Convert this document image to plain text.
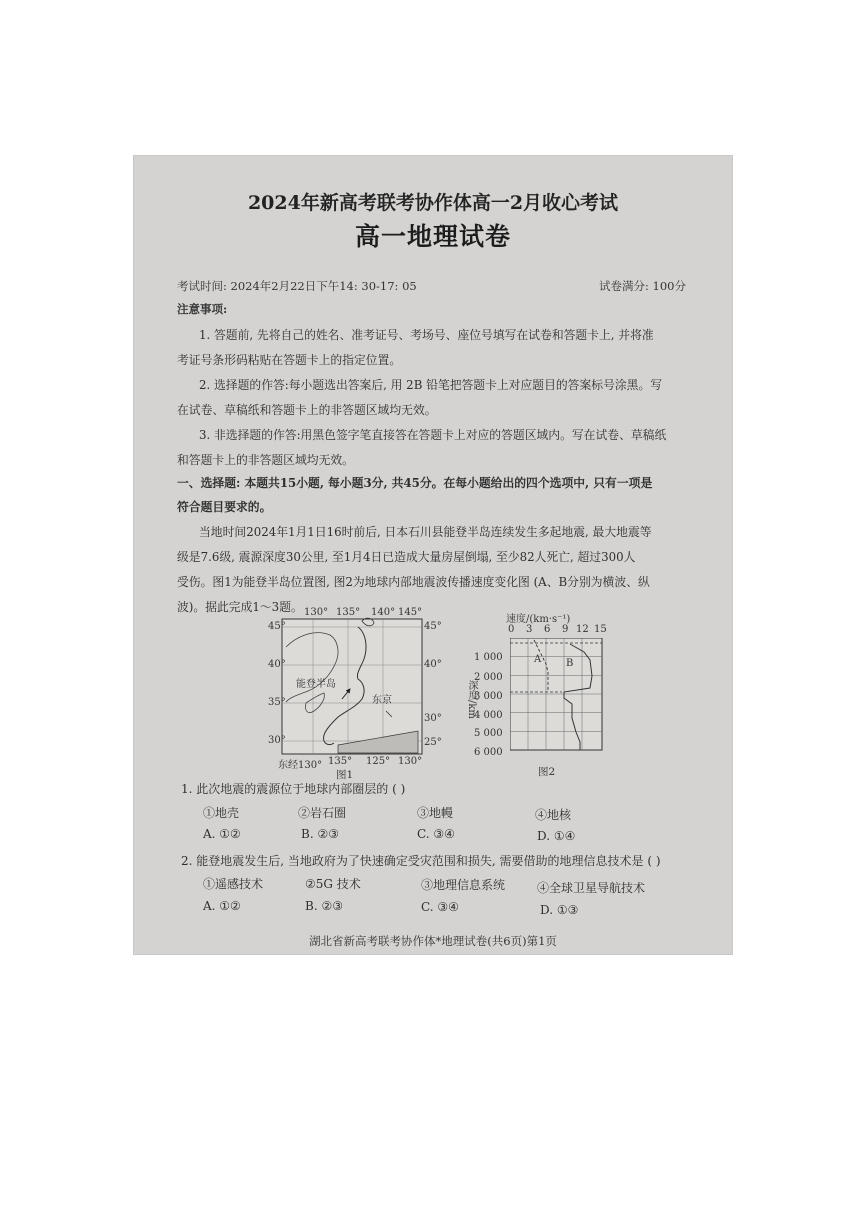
2024年新高考联考协作体高一2月收心考试
高一地理试卷
考试时间: 2024年2月22日下午14: 30-17: 05	试卷满分: 100分
注意事项:
1. 答题前, 先将自己的姓名、准考证号、考场号、座位号填写在试卷和答题卡上, 并将准
考证号条形码粘贴在答题卡上的指定位置。
2. 选择题的作答:每小题选出答案后, 用 2B 铅笔把答题卡上对应题目的答案标号涂黑。写
在试卷、草稿纸和答题卡上的非答题区域均无效。
3. 非选择题的作答:用黑色签字笔直接答在答题卡上对应的答题区域内。写在试卷、草稿纸
和答题卡上的非答题区域均无效。
一、选择题: 本题共15小题, 每小题3分, 共45分。在每小题给出的四个选项中, 只有一项是
符合题目要求的。
当地时间2024年1月1日16时前后, 日本石川县能登半岛连续发生多起地震, 最大地震等
级是7.6级, 震源深度30公里, 至1月4日已造成大量房屋倒塌, 至少82人死亡, 超过300人
受伤。图1为能登半岛位置图, 图2为地球内部地震波传播速度变化图 (A、B分别为横波、纵
波)。据此完成1～3题。 130° 135° 140° 145°
45°
40°
35°
30°
45°
40°
30°
25°
东经130° 135° 125° 130°
能登半岛
东京
图1
速度/(km·s⁻¹)
0 3 6 9 12 15
A B
1 000
2 000
3 000
4 000
5 000
6 000
深度/km
图2
1. 此次地震的震源位于地球内部圈层的 ( )
①地壳	②岩石圈	③地幔	④地核
A. ①②	B. ②③	C. ③④	D. ①④
2. 能登地震发生后, 当地政府为了快速确定受灾范围和损失, 需要借助的地理信息技术是 ( )
①遥感技术	②5G 技术	③地理信息系统	④全球卫星导航技术
A. ①②	B. ②③	C. ③④	D. ①③
湖北省新高考联考协作体*地理试卷(共6页)第1页
